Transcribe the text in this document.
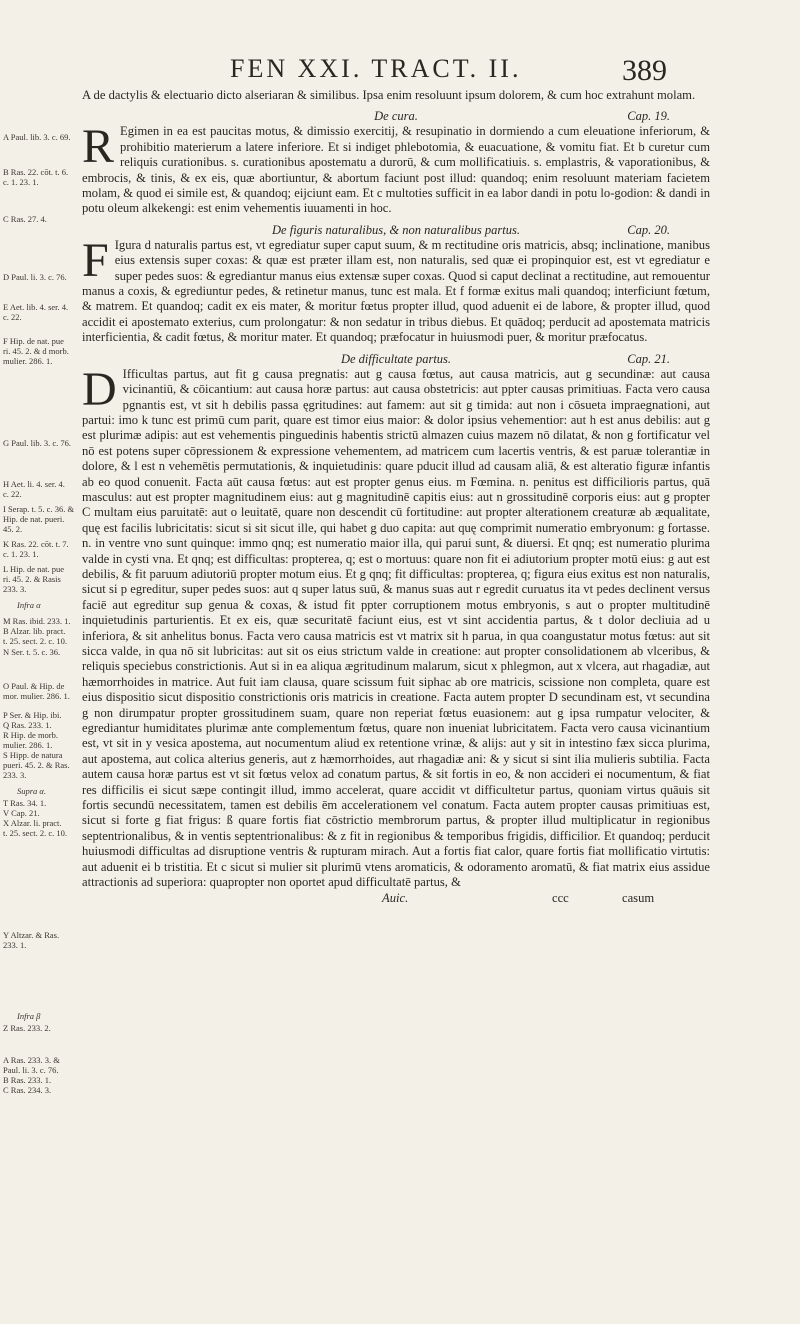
FEN XXI. TRACT. II.	389
A Paul. lib. 3. c. 69.
B Ras. 22. cōt. t. 6.
c. 1. 23. 1.
C Ras. 27. 4.
D Paul. li. 3. c. 76.
E Aet. lib. 4. ser. 4.
c. 22.
F Hip. de nat. pue
ri. 45. 2. & d morb.
mulier. 286. 1.
G Paul. lib. 3. c. 76.
H Aet. li. 4. ser. 4.
c. 22.
I Serap. t. 5. c. 36. &
Hip. de nat. pueri.
45. 2.
K Ras. 22. cōt. t. 7.
c. 1. 23. 1.
L Hip. de nat. pue
ri. 45. 2. & Rasis
233. 3.
Infra α
M Ras. ibid. 233. 1.
B Alzar. lib. pract.
t. 25. sect. 2. c. 10.
N Ser. t. 5. c. 36.
O Paul. & Hip. de
mor. mulier. 286. 1.
P Ser. & Hip. ibi.
Q Ras. 233. 1.
R Hip. de morb.
mulier. 286. 1.
S Hipp. de natura
pueri. 45. 2. & Ras.
233. 3.
Supra α.
T Ras. 34. 1.
V Cap. 21.
X Alzar. li. pract.
t. 25. sect. 2. c. 10.
Y Altzar. & Ras.
233. 1.
Infra β
Z Ras. 233. 2.
A Ras. 233. 3. &
Paul. li. 3. c. 76.
B Ras. 233. 1.
C Ras. 234. 3.

A de dactylis & electuario dicto alseriaran & similibus. Ipsa enim resoluunt ipsum dolorem, & cum hoc extrahunt molam.

De cura.	Cap. 19.

R Egimen in ea est paucitas motus, & dimissio exercitij, & resupinatio in dormiendo a cum eleuatione inferiorum, & prohibitio materierum a latere inferiore. Et si indiget phlebotomia, & euacuatione, & vomitu fiat. Et b curetur cum reliquis curationibus. s. curationibus apostematu a durorū, & cum mollificatiuis. s. emplastris, & vaporationibus, & embrocis, & tinis, & ex eis, quæ abortiuntur, & abortum faciunt post illud: quandoq; enim resoluunt materiam facietem molam, & quod ei simile est, & quandoq; eijciunt eam. Et c multoties sufficit in ea labor dandi in potu lo-godion: & dandi in potu oleum alkekengi: est enim vehementis iuuamenti in hoc.

De figuris naturalibus, & non naturalibus partus.	Cap. 20.

F Igura d naturalis partus est, vt egrediatur super caput suum, & m rectitudine oris matricis, absq; inclinatione, manibus eius extensis super coxas: & quæ est præter illam est, non naturalis, sed quæ ei propinquior est, est vt egrediatur e super pedes suos: & egrediantur manus eius extensæ super coxas. Quod si caput declinat a rectitudine, aut remouentur manus a coxis, & egrediuntur pedes, & retinetur manus, tunc est mala. Et f formæ exitus mali quandoq; interficiunt fœtum, & matrem. Et quandoq; cadit ex eis mater, & moritur fœtus propter illud, quod aduenit ei de labore, & propter illud, quod accidit ei apostemato exterius, cum prolongatur: & non sedatur in tribus diebus. Et quādoq; perducit ad apostemata matricis interficientia, & cadit fœtus, & moritur mater. Et quandoq; præfocatur in huiusmodi puer, & moritur præfocatus.

De difficultate partus.	Cap. 21.

D Ifficultas partus, aut fit g causa pregnatis: aut g causa fœtus, aut causa matricis, aut g secundinæ: aut causa vicinantiū, & cōicantium: aut causa horæ partus: aut causa obstetricis: aut ppter causas primitiuas. Facta vero causa pgnantis est, vt sit h debilis passa ęgritudines: aut famem: aut sit g timida: aut non i cōsueta impraegnationi, aut partui: imo k tunc est primū cum parit, quare est timor eius maior: & dolor ipsius vehementior: aut h est anus debilis: aut g est plurimæ adipis: aut est vehementis pinguedinis habentis strictū almazen cuius mazem nō dilatat, & non g fortificatur vel nō est potens super cōpressionem & expressione vehementem, ad matricem cum lacertis ventris, & est paruæ tolerantiæ in dolore, & l est n vehemētis permutationis, & inquietudinis: quare pducit illud ad causam aliā, & est alteratio figuræ infantis ab eo quod conuenit. Facta aūt causa fœtus: aut est propter genus eius. m Fœmina. n. penitus est difficilioris partus, quā masculus: aut est propter magnitudinem eius: aut g magnitudinē capitis eius: aut n grossitudinē corporis eius: aut g propter C multam eius paruitatē: aut o leuitatē, quare non descendit cū fortitudine: aut propter alterationem creaturæ ab æqualitate, quę est facilis lubricitatis: sicut si sit sicut ille, qui habet g duo capita: aut quę comprimit numeratio embryonum: g fortasse. n. in ventre vno sunt quinque: immo qnq; est numeratio maior illa, qui parui sunt, & diuersi. Et qnq; est numeratio plurima valde in cysti vna. Et qnq; est difficultas: propterea, q; est o mortuus: quare non fit ei adiutorium propter motū eius: g aut est debilis, & fit paruum adiutoriū propter motum eius. Et g qnq; fit difficultas: propterea, q; figura eius exitus est non naturalis, sicut si p egreditur, super pedes suos: aut q super latus suū, & manus suas aut r egredit curuatus ita vt pedes declinent versus faciē aut egreditur sup genua & coxas, & istud fit ppter corruptionem motus embryonis, s aut o propter multitudinē inquietudinis parturientis. Et ex eis, quæ securitatē faciunt eius, est vt sint accidentia partus, & t dolor decliuia ad u inferiora, & sit anhelitus bonus. Facta vero causa matricis est vt matrix sit h parua, in qua coangustatur motus fœtus: aut sit sicca valde, in qua nō sit lubricitas: aut sit os eius strictum valde in creatione: aut propter consolidationem ab vlceribus, & reliquis speciebus constrictionis. Aut si in ea aliqua ægritudinum malarum, sicut x phlegmon, aut x vlcera, aut rhagadiæ, aut hæmorrhoides in matrice. Aut fuit iam clausa, quare scissum fuit siphac ab ore matricis, scissione non completa, quare est eius dispositio sicut dispositio constrictionis oris matricis in creatione. Facta autem propter D secundinam est, vt secundina g non dirumpatur propter grossitudinem suam, quare non reperiat fœtus euasionem: aut g ipsa rumpatur velociter, & egrediantur humiditates plurimæ ante complementum fœtus, quare non inueniat lubricitatem. Facta vero causa vicinantium est, vt sit in y vesica apostema, aut nocumentum aliud ex retentione vrinæ, & alijs: aut y sit in intestino fæx sicca plurima, aut apostema, aut colica alterius generis, aut z hæmorrhoides, aut rhagadiæ ani: & y sicut si sint ilia mulieris subtilia. Facta autem causa horæ partus est vt sit fœtus velox ad conatum partus, & sit fortis in eo, & non accideri ei nocumentum, & fiat res difficilis ei sicut sæpe contingit illud, immo accelerat, quare accidit vt difficultetur partus, quoniam virtus quāuis sit fortis secundū necessitatem, tamen est debilis ēm accelerationem vel conatum. Facta autem propter causas primitiuas est, sicut si forte g fiat frigus: ß quare fortis fiat cōstrictio membrorum partus, & propter illud multiplicatur in regionibus septentrionalibus, & in ventis septentrionalibus: & z fit in regionibus & temporibus frigidis, difficilior. Et quandoq; perducit huiusmodi difficultas ad disruptione ventris & rupturam mirach. Aut a fortis fiat calor, quare fortis fiat mollificatio virtutis: aut aduenit ei b tristitia. Et c sicut si mulier sit plurimū vtens aromaticis, & odoramento aromatū, & fiat matrix eius assidue attractionis ad superiora: quapropter non oportet apud difficultatē partus, &

Auic.	ccc	casum
